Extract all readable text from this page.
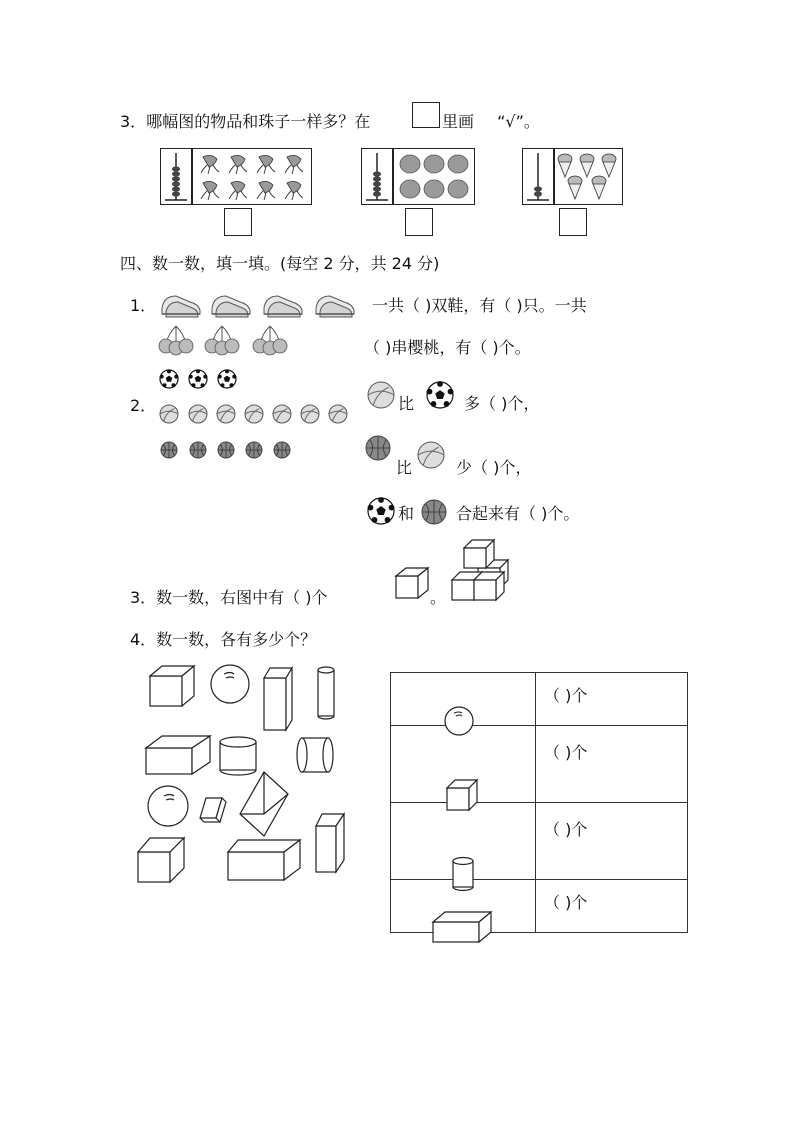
3．哪幅图的物品和珠子一样多？在	里画 “√”。
四、数一数，填一填。(每空 2 分，共 24 分)
1．	一共（ )双鞋，有（ )只。一共
（ )串樱桃，有（ )个。
2．	比	多（ )个，
比	少（ )个，
和	合起来有（ )个。
3．数一数，右图中有（ )个	。
4．数一数，各有多少个？
	（ )个

	（ )个

	（ )个

	（ )个
